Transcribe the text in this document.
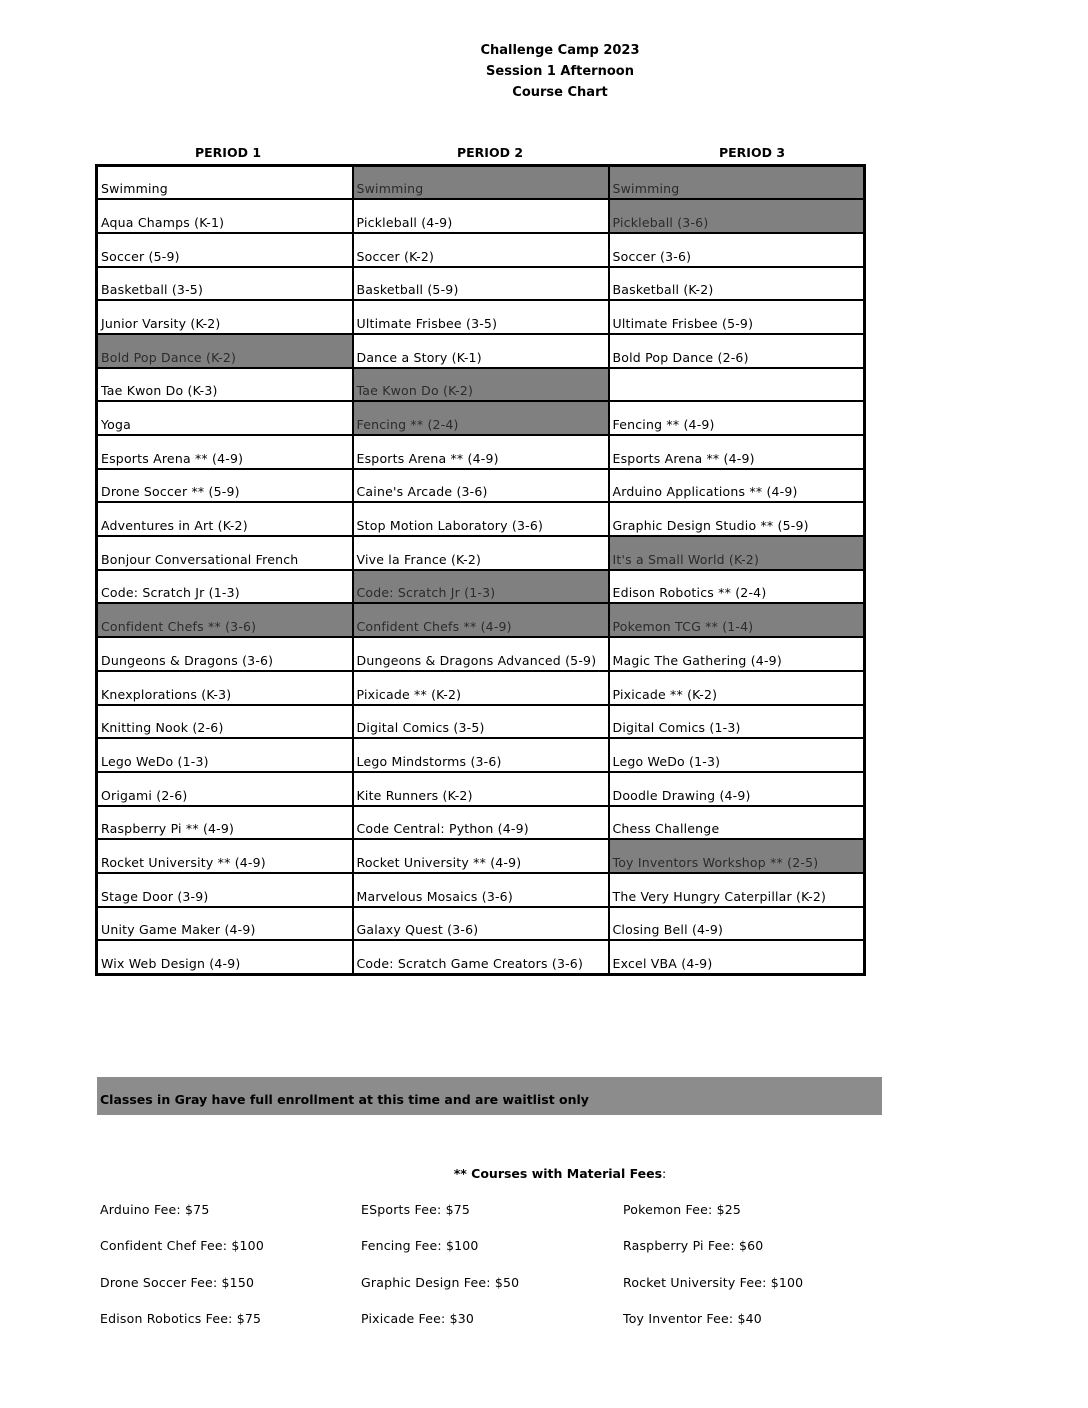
Challenge Camp 2023
Session 1 Afternoon
Course Chart
PERIOD 1	PERIOD 2	PERIOD 3
Swimming	Swimming	Swimming
Aqua Champs (K-1)	Pickleball (4-9)	Pickleball (3-6)
Soccer (5-9)	Soccer (K-2)	Soccer (3-6)
Basketball (3-5)	Basketball (5-9)	Basketball (K-2)
Junior Varsity (K-2)	Ultimate Frisbee (3-5)	Ultimate Frisbee (5-9)
Bold Pop Dance (K-2)	Dance a Story (K-1)	Bold Pop Dance (2-6)
Tae Kwon Do (K-3)	Tae Kwon Do (K-2)	
Yoga	Fencing ** (2-4)	Fencing ** (4-9)
Esports Arena ** (4-9)	Esports Arena ** (4-9)	Esports Arena ** (4-9)
Drone Soccer ** (5-9)	Caine's Arcade (3-6)	Arduino Applications ** (4-9)
Adventures in Art (K-2)	Stop Motion Laboratory (3-6)	Graphic Design Studio ** (5-9)
Bonjour Conversational French	Vive la France (K-2)	It's a Small World (K-2)
Code: Scratch Jr (1-3)	Code: Scratch Jr (1-3)	Edison Robotics ** (2-4)
Confident Chefs ** (3-6)	Confident Chefs ** (4-9)	Pokemon TCG ** (1-4)
Dungeons & Dragons (3-6)	Dungeons & Dragons Advanced (5-9)	Magic The Gathering (4-9)
Knexplorations (K-3)	Pixicade ** (K-2)	Pixicade ** (K-2)
Knitting Nook (2-6)	Digital Comics (3-5)	Digital Comics (1-3)
Lego WeDo (1-3)	Lego Mindstorms (3-6)	Lego WeDo (1-3)
Origami (2-6)	Kite Runners (K-2)	Doodle Drawing (4-9)
Raspberry Pi ** (4-9)	Code Central: Python (4-9)	Chess Challenge
Rocket University ** (4-9)	Rocket University ** (4-9)	Toy Inventors Workshop ** (2-5)
Stage Door (3-9)	Marvelous Mosaics (3-6)	The Very Hungry Caterpillar (K-2)
Unity Game Maker (4-9)	Galaxy Quest (3-6)	Closing Bell (4-9)
Wix Web Design (4-9)	Code: Scratch Game Creators (3-6)	Excel VBA (4-9)
Classes in Gray have full enrollment at this time and are waitlist only
** Courses with Material Fees:
Arduino Fee: $75	ESports Fee: $75	Pokemon Fee: $25
Confident Chef Fee: $100	Fencing Fee: $100	Raspberry Pi Fee: $60
Drone Soccer Fee: $150	Graphic Design Fee: $50	Rocket University Fee: $100
Edison Robotics Fee: $75	Pixicade Fee: $30	Toy Inventor Fee: $40
